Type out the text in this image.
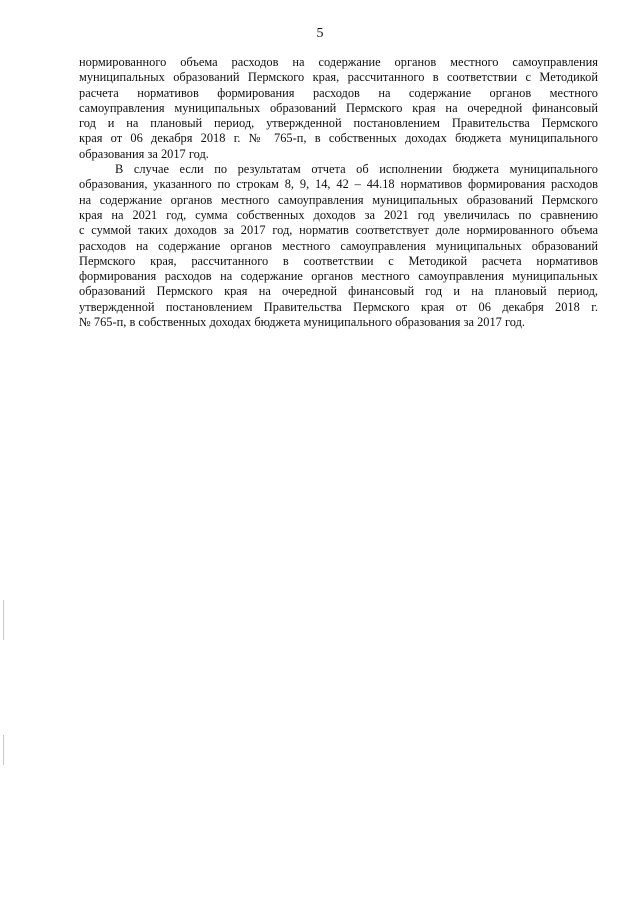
5
нормированного объема расходов на содержание органов местного самоуправления
муниципальных образований Пермского края, рассчитанного в соответствии с Методикой
расчета нормативов формирования расходов на содержание органов местного
самоуправления муниципальных образований Пермского края на очередной финансовый
год и на плановый период, утвержденной постановлением Правительства Пермского
края от 06 декабря 2018 г. № 765-п, в собственных доходах бюджета муниципального
образования за 2017 год.
В случае если по результатам отчета об исполнении бюджета муниципального
образования, указанного по строкам 8, 9, 14, 42 – 44.18 нормативов формирования расходов
на содержание органов местного самоуправления муниципальных образований Пермского
края на 2021 год, сумма собственных доходов за 2021 год увеличилась по сравнению
с суммой таких доходов за 2017 год, норматив соответствует доле нормированного объема
расходов на содержание органов местного самоуправления муниципальных образований
Пермского края, рассчитанного в соответствии с Методикой расчета нормативов
формирования расходов на содержание органов местного самоуправления муниципальных
образований Пермского края на очередной финансовый год и на плановый период,
утвержденной постановлением Правительства Пермского края от 06 декабря 2018 г.
№ 765-п, в собственных доходах бюджета муниципального образования за 2017 год.
